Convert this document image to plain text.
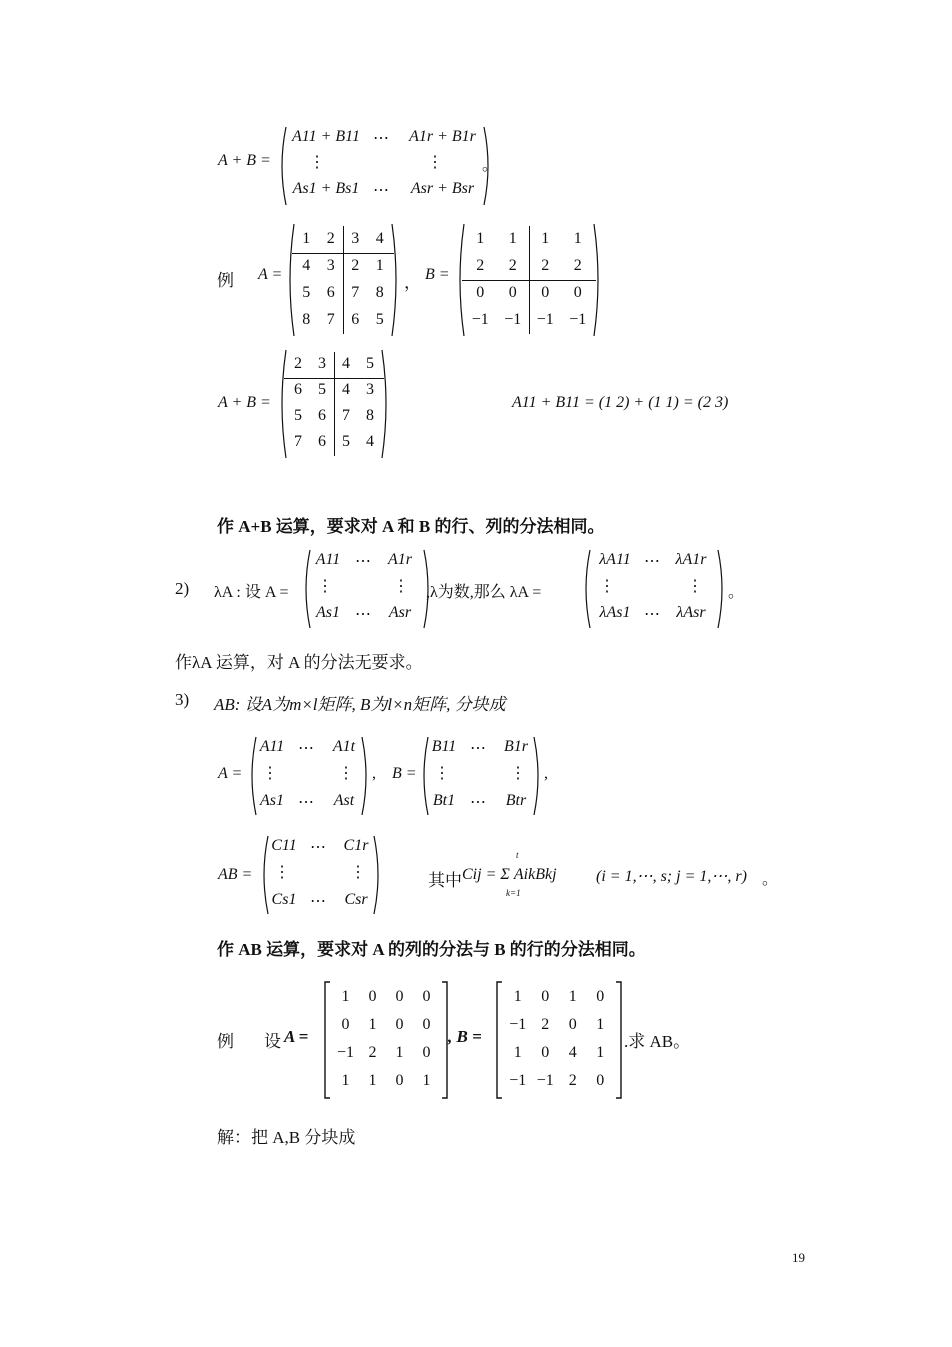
A + B =
A11 + B11 ⋯	A1r + B1r
⋮	⋮
As1 + Bs1 ⋯	Asr + Bsr
。
例 A =
1	2	3	4
4	3	2	1
5	6	7	8
8	7	6	5
， B =
1	1	1	1
2	2	2	2
0	0	0	0
−1 −1 −1 −1
A + B =
2	3	4	5
6	5	4	3
5	6	7	8
7	6	5	4
A11 + B11 = (1 2) + (1 1) = (2 3)
作 A+B 运算，要求对 A 和 B 的行、列的分法相同。
2) λA : 设 A =
A11 ⋯	A1r
⋮	⋮
As1 ⋯	Asr
,λ为数,那么 λA =
λA11 ⋯ λA1r
⋮	⋮
λAs1 ⋯	λAsr
。
作λA 运算，对 A 的分法无要求。
3) AB: 设A为m×l矩阵, B为l×n矩阵, 分块成
A =
A11 ⋯	A1t
⋮	⋮
As1 ⋯	Ast
, B =
B11 ⋯	B1r
⋮	⋮
Bt1 ⋯	Btr
,
AB =
C11 ⋯	C1r
⋮	⋮
Cs1 ⋯	Csr
其中 Cij = Σ AikBkj
t
k=1
(i = 1,⋯, s; j = 1,⋯, r) 。
作 AB 运算，要求对 A 的列的分法与 B 的行的分法相同。
例 设 A =
1	0	0	0
0	1	0	0
−1 2	1	0
1	1	0	1
, B =
1	0	1	0
−1 2	0	1
1	0	4	1
−1 −1 2	0
.求 AB。
解：把 A,B 分块成
19
